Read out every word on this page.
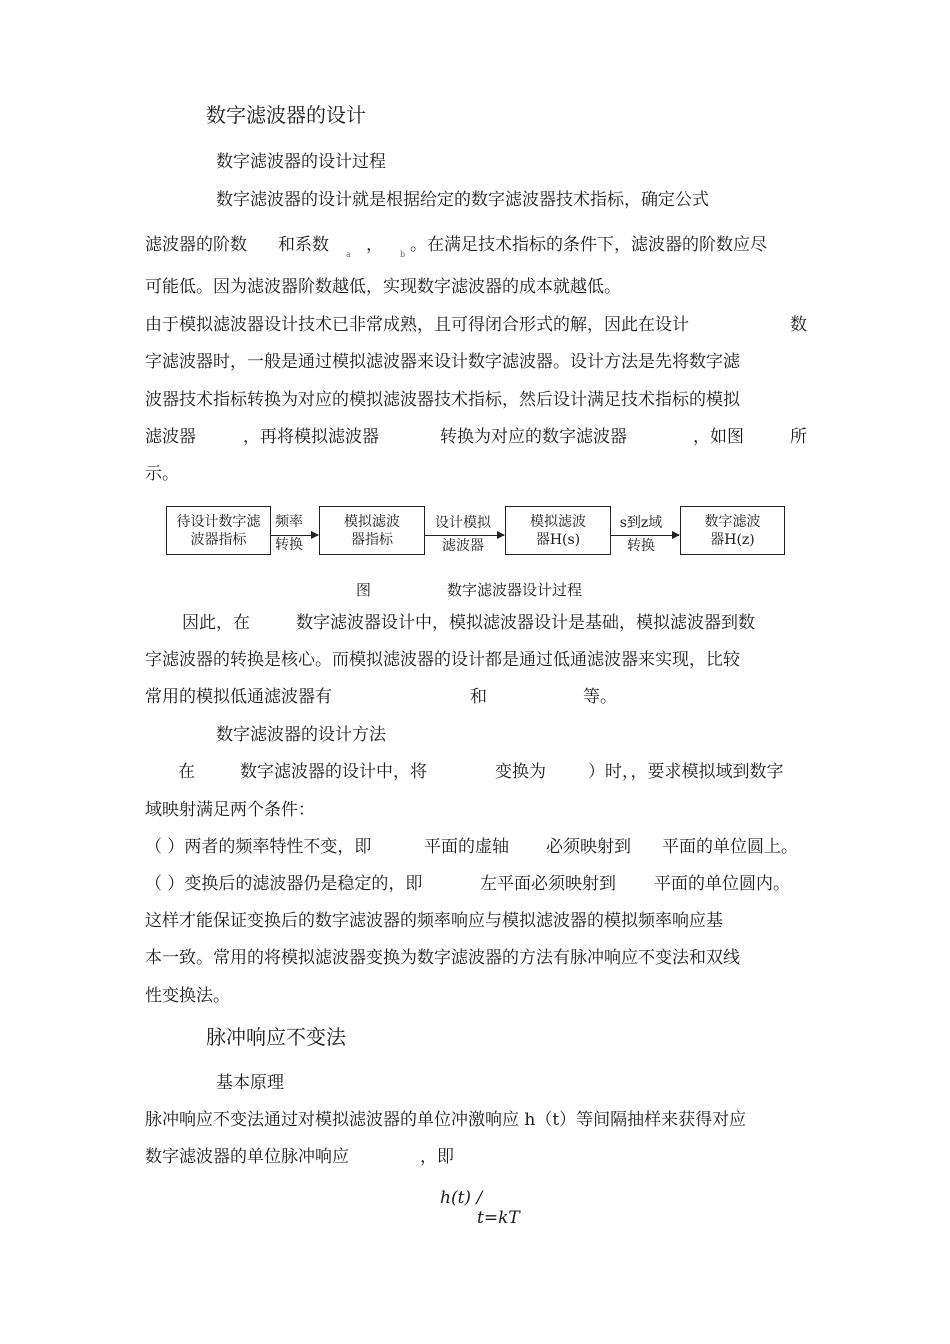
数字滤波器的设计
数字滤波器的设计过程
数字滤波器的设计就是根据给定的数字滤波器技术指标，确定公式
滤波器的阶数 和系数 a ， b 。在满足技术指标的条件下，滤波器的阶数应尽
可能低。因为滤波器阶数越低，实现数字滤波器的成本就越低。
由于模拟滤波器设计技术已非常成熟，且可得闭合形式的解，因此在设计	数
字滤波器时，一般是通过模拟滤波器来设计数字滤波器。设计方法是先将数字滤
波器技术指标转换为对应的模拟滤波器技术指标，然后设计满足技术指标的模拟
滤波器	，再将模拟滤波器	转换为对应的数字滤波器	，如图	所
示。
待设计数字滤
波器指标
频率
转换
模拟滤波
器指标
设计模拟
滤波器
模拟滤波
器H(s)
s到z域
转换
数字滤波
器H(z)
图	数字滤波器设计过程
因此，在	数字滤波器设计中，模拟滤波器设计是基础，模拟滤波器到数
字滤波器的转换是核心。而模拟滤波器的设计都是通过低通滤波器来实现，比较
常用的模拟低通滤波器有	和	等。
数字滤波器的设计方法
在	数字滤波器的设计中，将	变换为 ）时，，要求模拟域到数字
域映射满足两个条件：
（ ）两者的频率特性不变，即	平面的虚轴 必须映射到 平面的单位圆上。
（ ）变换后的滤波器仍是稳定的，即	左平面必须映射到 平面的单位圆内。
这样才能保证变换后的数字滤波器的频率响应与模拟滤波器的模拟频率响应基
本一致。常用的将模拟滤波器变换为数字滤波器的方法有脉冲响应不变法和双线
性变换法。
脉冲响应不变法
基本原理
脉冲响应不变法通过对模拟滤波器的单位冲激响应 h（t）等间隔抽样来获得对应
数字滤波器的单位脉冲响应	，即
h(t) /
t=kT
